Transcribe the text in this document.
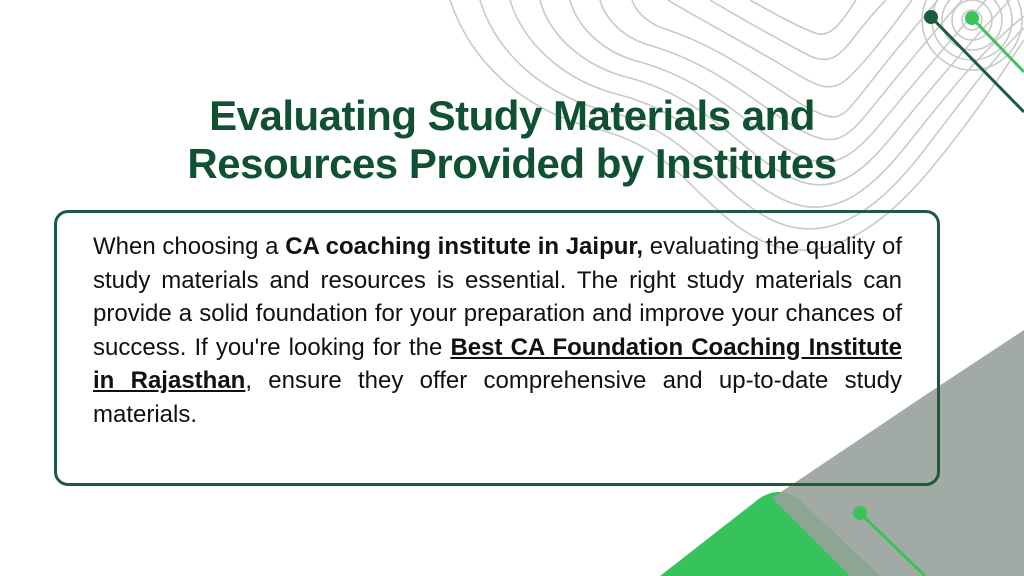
Evaluating Study Materials and
Resources Provided by Institutes

When choosing a CA coaching institute in Jaipur, evaluating the quality of study materials and resources is essential. The right study materials can provide a solid foundation for your preparation and improve your chances of success. If you're looking for the Best CA Foundation Coaching Institute in Rajasthan, ensure they offer comprehensive and up-to-date study materials.
